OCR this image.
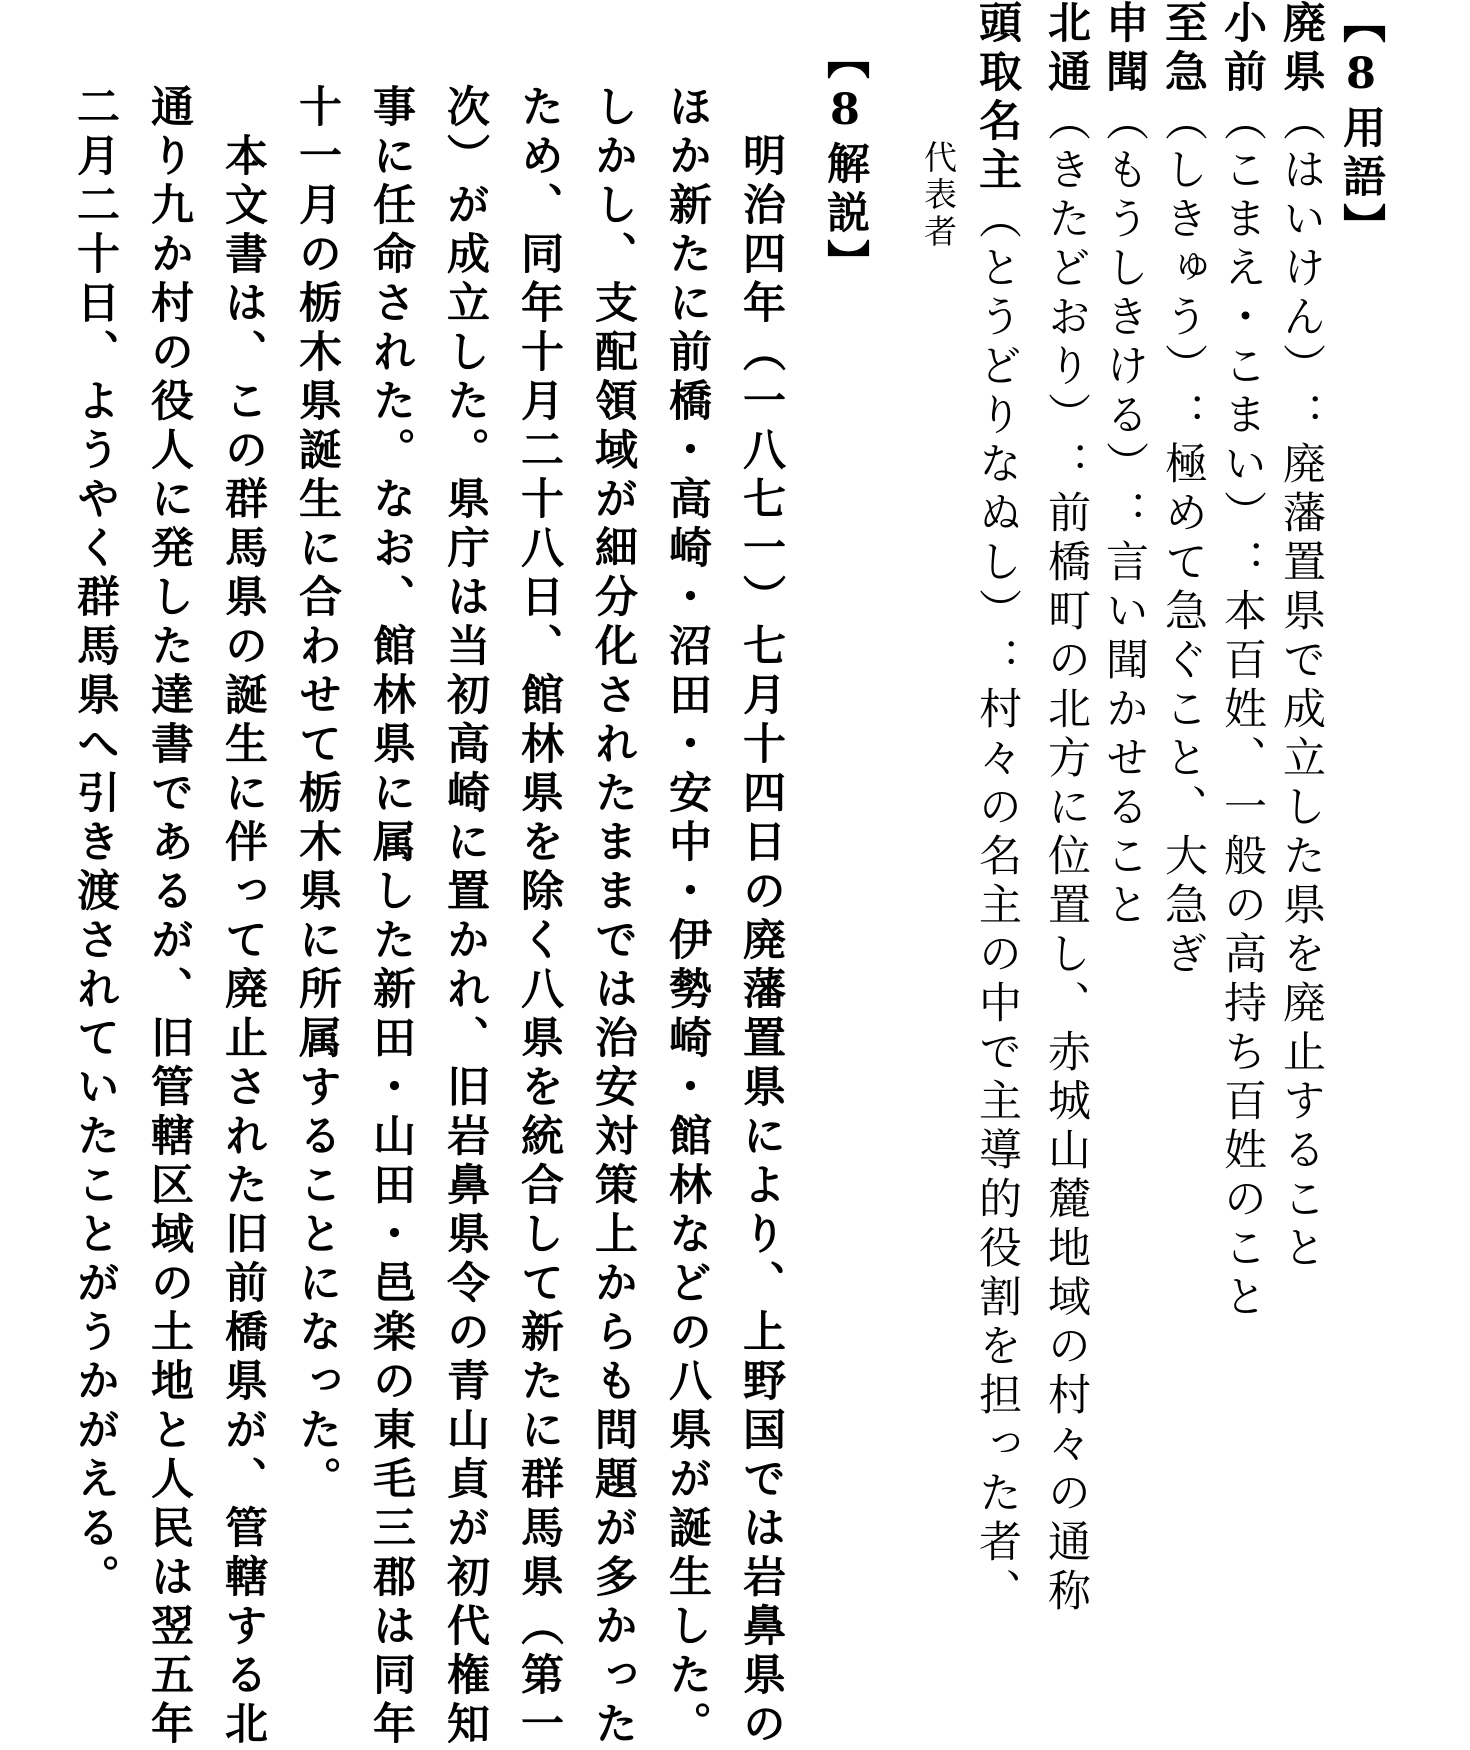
【8用語】
廃県（はいけん）：廃藩置県で成立した県を廃止すること
小前（こまえ・こまい）：本百姓、一般の高持ち百姓のこと
至急（しきゅう）：極めて急ぐこと、大急ぎ
申聞（もうしきける）：言い聞かせること
北通（きたどおり）：前橋町の北方に位置し、赤城山麓地域の村々の通称
頭取名主（とうどりなぬし）：村々の名主の中で主導的役割を担った者、
代表者
【8解説】
　明治四年（一八七一）七月十四日の廃藩置県により、上野国では岩鼻県の
ほか新たに前橋・高崎・沼田・安中・伊勢崎・館林などの八県が誕生した。
しかし、支配領域が細分化されたままでは治安対策上からも問題が多かった
ため、同年十月二十八日、館林県を除く八県を統合して新たに群馬県（第一
次）が成立した。県庁は当初高崎に置かれ、旧岩鼻県令の青山貞が初代権知
事に任命された。なお、館林県に属した新田・山田・邑楽の東毛三郡は同年
十一月の栃木県誕生に合わせて栃木県に所属することになった。
　本文書は、この群馬県の誕生に伴って廃止された旧前橋県が、管轄する北
通り九か村の役人に発した達書であるが、旧管轄区域の土地と人民は翌五年
二月二十日、ようやく群馬県へ引き渡されていたことがうかがえる。
